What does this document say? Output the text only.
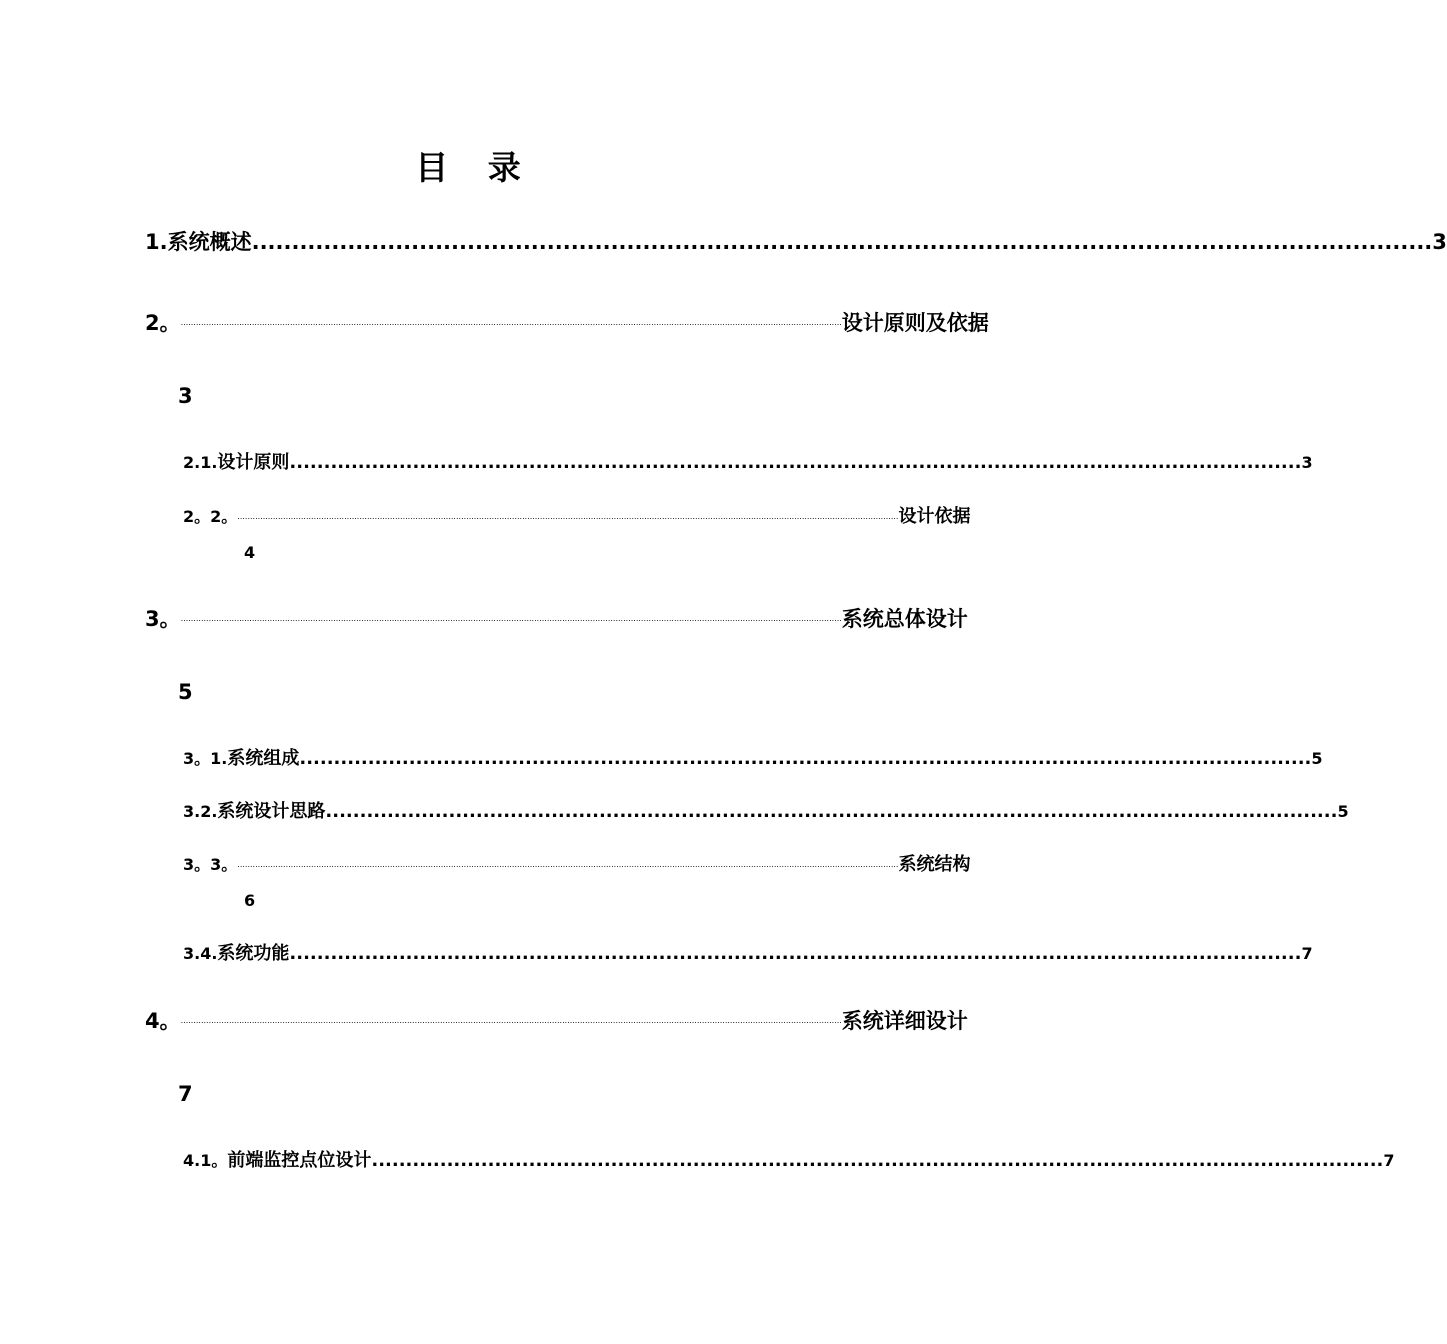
目 录
1. 系统概述 .................................................................................................................................................... 3
2。 .................................................................................................................................................................................................................................................................... 设计原则及依据
3
2.1. 设计原则 .................................................................................................................................................... 3
2。2。 .................................................................................................................................................................................................................................................................... 设计依据
4
3。 .................................................................................................................................................................................................................................................................... 系统总体设计
5
3。1. 系统组成 .................................................................................................................................................... 5
3.2. 系统设计思路 .................................................................................................................................................... 5
3。3。 .................................................................................................................................................................................................................................................................... 系统结构
6
3.4. 系统功能 .................................................................................................................................................... 7
4。 .................................................................................................................................................................................................................................................................... 系统详细设计
7
4.1。 前端监控点位设计 .................................................................................................................................................... 7
